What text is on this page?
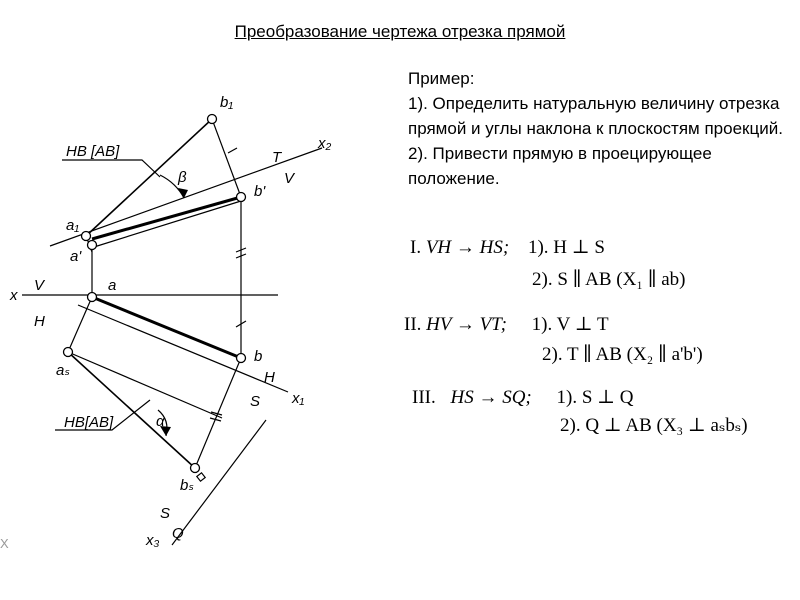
Преобразование чертежа отрезка прямой
Пример:
1). Определить натуральную величину отрезка прямой и углы наклона к плоскостям проекций.
2). Привести прямую в проецирующее положение.
I. VH → HS; 1). H ⊥ S
2). S ∥ AB (X₁ ∥ ab)
II. HV → VT; 1). V ⊥ T
2). T ∥ AB (X₂ ∥ a'b')
III. HS → SQ; 1). S ⊥ Q
2). Q ⊥ AB (X₃ ⊥ aₛbₛ)
b₁
x₂
T
V
b'
НВ [AB]
β
a₁
a'
x
V	a
H
aₛ
b
H
x₁
S
НВ[AB]	α
bₛ
S
x₃ Q
X
